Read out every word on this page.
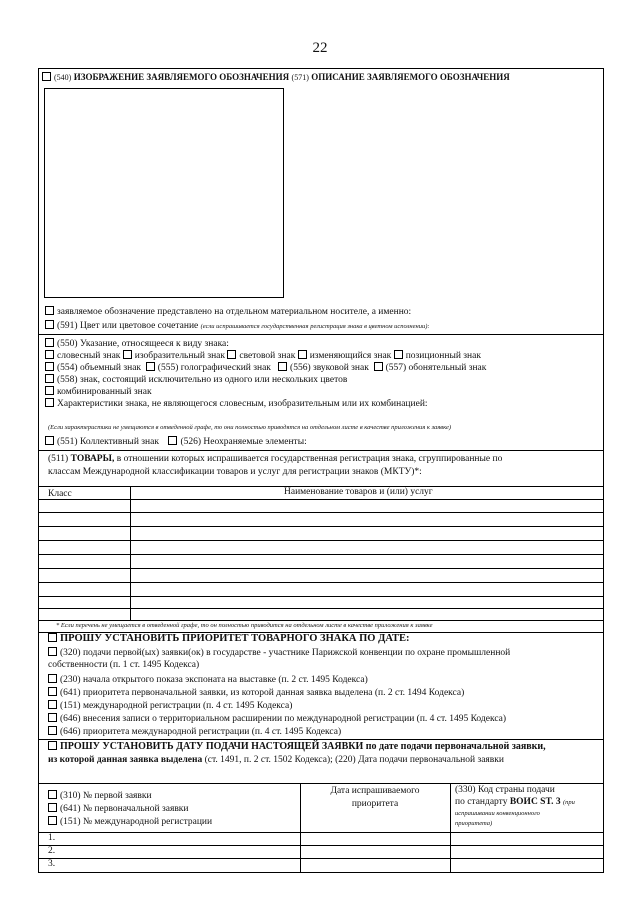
22
(540) ИЗОБРАЖЕНИЕ ЗАЯВЛЯЕМОГО ОБОЗНАЧЕНИЯ (571) ОПИСАНИЕ ЗАЯВЛЯЕМОГО ОБОЗНАЧЕНИЯ
заявляемое обозначение представлено на отдельном материальном носителе, а именно:
(591) Цвет или цветовое сочетание (если испрашивается государственная регистрация знака в цветном исполнении):
(550) Указание, относящееся к виду знака:
словесный знак изобразительный знак световой знак изменяющийся знак позиционный знак
(554) объемный знак (555) голографический знак (556) звуковой знак (557) обонятельный знак
(558) знак, состоящий исключительно из одного или нескольких цветов
комбинированный знак
Характеристики знака, не являющегося словесным, изобразительным или их комбинацией:
(Если характеристики не умещаются в отведенной графе, то они полностью приводятся на отдельном листе в качестве приложения к заявке)
(551) Коллективный знак (526) Неохраняемые элементы:
(511) ТОВАРЫ, в отношении которых испрашивается государственная регистрация знака, сгруппированные по
классам Международной классификации товаров и услуг для регистрации знаков (МКТУ)*:
Класс	Наименование товаров и (или) услуг
* Если перечень не умещается в отведенной графе, то он полностью приводится на отдельном листе в качестве приложения к заявке
ПРОШУ УСТАНОВИТЬ ПРИОРИТЕТ ТОВАРНОГО ЗНАКА ПО ДАТЕ:
(320) подачи первой(ых) заявки(ок) в государстве - участнике Парижской конвенции по охране промышленной
собственности (п. 1 ст. 1495 Кодекса)
(230) начала открытого показа экспоната на выставке (п. 2 ст. 1495 Кодекса)
(641) приоритета первоначальной заявки, из которой данная заявка выделена (п. 2 ст. 1494 Кодекса)
(151) международной регистрации (п. 4 ст. 1495 Кодекса)
(646) внесения записи о территориальном расширении по международной регистрации (п. 4 ст. 1495 Кодекса)
(646) приоритета международной регистрации (п. 4 ст. 1495 Кодекса)
ПРОШУ УСТАНОВИТЬ ДАТУ ПОДАЧИ НАСТОЯЩЕЙ ЗАЯВКИ по дате подачи первоначальной заявки,
из которой данная заявка выделена (ст. 1491, п. 2 ст. 1502 Кодекса); (220) Дата подачи первоначальной заявки
(310) № первой заявки
(641) № первоначальной заявки
(151) № международной регистрации
Дата испрашиваемого
приоритета
(330) Код страны подачи
по стандарту ВОИС ST. 3 (при
испрашивании конвенционного
приоритета)
1.
2.
3.
